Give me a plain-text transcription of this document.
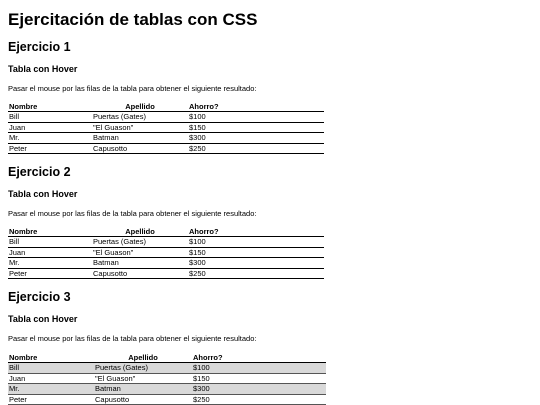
Ejercitación de tablas con CSS
Ejercicio 1
Tabla con Hover

Pasar el mouse por las filas de la tabla para obtener el siguiente resultado:

Nombre	Apellido	Ahorro?
Bill	Puertas (Gates)	$100
Juan	"El Guason"	$150
Mr.	Batman	$300
Peter	Capusotto	$250
Ejercicio 2
Tabla con Hover

Pasar el mouse por las filas de la tabla para obtener el siguiente resultado:

Nombre	Apellido	Ahorro?
Bill	Puertas (Gates)	$100
Juan	"El Guason"	$150
Mr.	Batman	$300
Peter	Capusotto	$250
Ejercicio 3
Tabla con Hover

Pasar el mouse por las filas de la tabla para obtener el siguiente resultado:

Nombre	Apellido	Ahorro?
Bill	Puertas (Gates)	$100
Juan	"El Guason"	$150
Mr.	Batman	$300
Peter	Capusotto	$250
